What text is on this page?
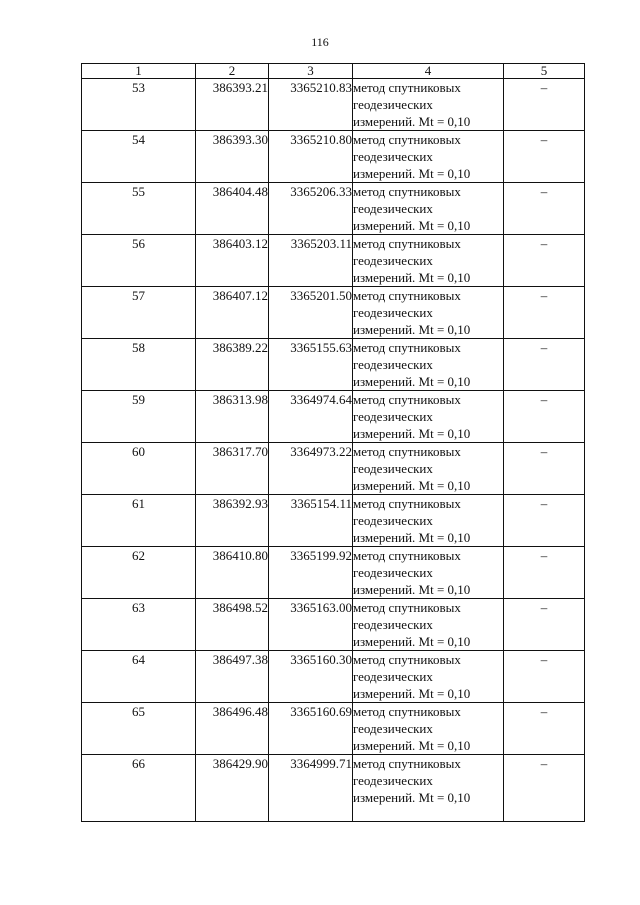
116
1	2	3	4	5
53	386393.21	3365210.83	метод спутниковых
геодезических
измерений. Mt = 0,10	–
54	386393.30	3365210.80	метод спутниковых
геодезических
измерений. Mt = 0,10	–
55	386404.48	3365206.33	метод спутниковых
геодезических
измерений. Mt = 0,10	–
56	386403.12	3365203.11	метод спутниковых
геодезических
измерений. Mt = 0,10	–
57	386407.12	3365201.50	метод спутниковых
геодезических
измерений. Mt = 0,10	–
58	386389.22	3365155.63	метод спутниковых
геодезических
измерений. Mt = 0,10	–
59	386313.98	3364974.64	метод спутниковых
геодезических
измерений. Mt = 0,10	–
60	386317.70	3364973.22	метод спутниковых
геодезических
измерений. Mt = 0,10	–
61	386392.93	3365154.11	метод спутниковых
геодезических
измерений. Mt = 0,10	–
62	386410.80	3365199.92	метод спутниковых
геодезических
измерений. Mt = 0,10	–
63	386498.52	3365163.00	метод спутниковых
геодезических
измерений. Mt = 0,10	–
64	386497.38	3365160.30	метод спутниковых
геодезических
измерений. Mt = 0,10	–
65	386496.48	3365160.69	метод спутниковых
геодезических
измерений. Mt = 0,10	–
66	386429.90	3364999.71	метод спутниковых
геодезических
измерений. Mt = 0,10	–
